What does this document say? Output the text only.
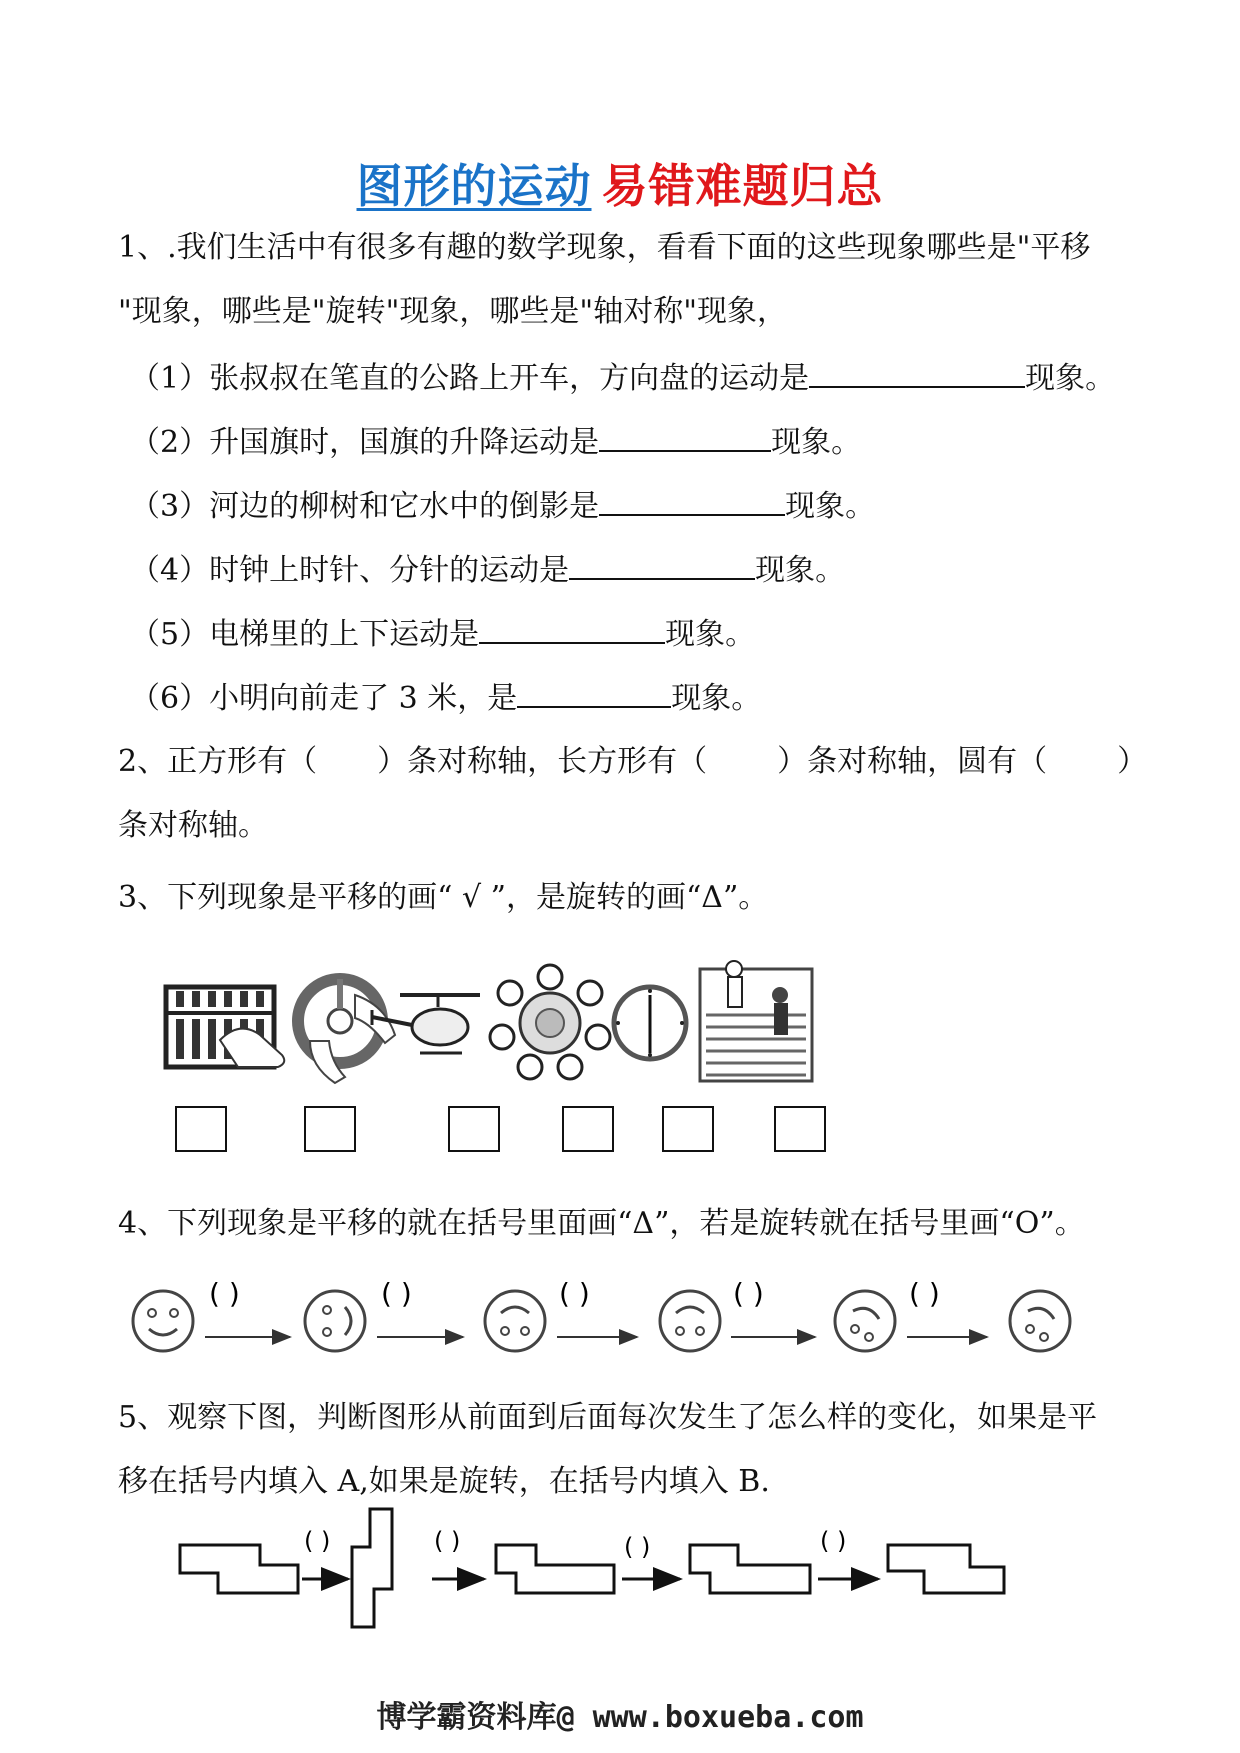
图形的运动 易错难题归总
1、.我们生活中有很多有趣的数学现象，看看下面的这些现象哪些是"平移
"现象，哪些是"旋转"现象，哪些是"轴对称"现象，
（1）张叔叔在笔直的公路上开车，方向盘的运动是	现象。
（2）升国旗时，国旗的升降运动是	现象。
（3）河边的柳树和它水中的倒影是	现象。
（4）时钟上时针、分针的运动是	现象。
（5）电梯里的上下运动是	现象。
（6）小明向前走了 3 米，是	现象。
2、正方形有（ ）条对称轴，长方形有（ ）条对称轴，圆有（ ）
条对称轴。
3、下列现象是平移的画“ √ ”，是旋转的画“Δ”。
4、下列现象是平移的就在括号里面画“Δ”，若是旋转就在括号里画“O”。
( )	( )	( )	( )	( )
5、观察下图，判断图形从前面到后面每次发生了怎么样的变化，如果是平
移在括号内填入 A,如果是旋转，在括号内填入 B.
( )	( )	( )	( )
博学霸资料库@ www.boxueba.com
